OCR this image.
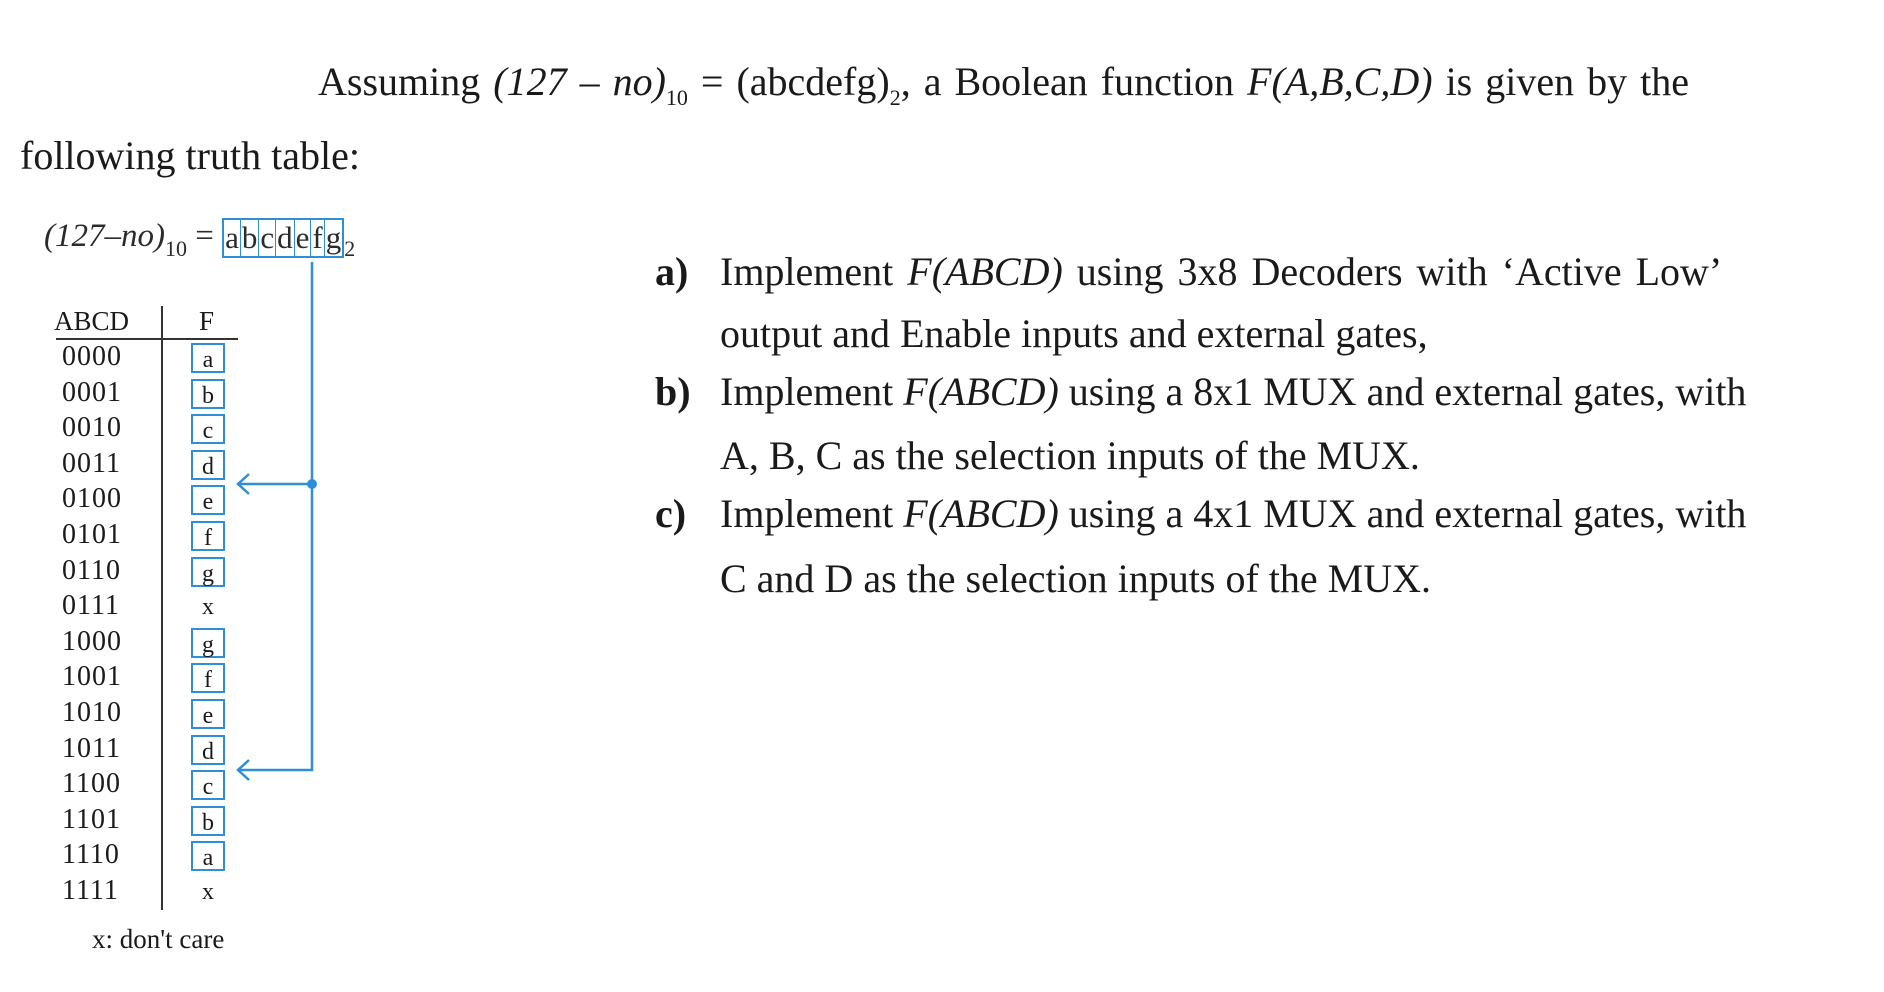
Assuming $(127 - no)_{10}$ = $(abcdefg)_2$, a Boolean function F(A,B,C,D) is given by the
following truth table:
$(127-no)_{10} = a$ b c d e f g $_2$
ABCD	F
0000	a
0001	b
0010	c
0011	d
0100	e
0101	f
0110	g
0111	x
1000	g
1001	f
1010	e
1011	d
1100	c
1101	b
1110	a
1111	x
x: don't care
a) Implement F(ABCD) using 3x8 Decoders with ‘Active Low’
output and Enable inputs and external gates,
b) Implement F(ABCD) using a 8x1 MUX and external gates, with
A, B, C as the selection inputs of the MUX.
c) Implement F(ABCD) using a 4x1 MUX and external gates, with
C and D as the selection inputs of the MUX.
